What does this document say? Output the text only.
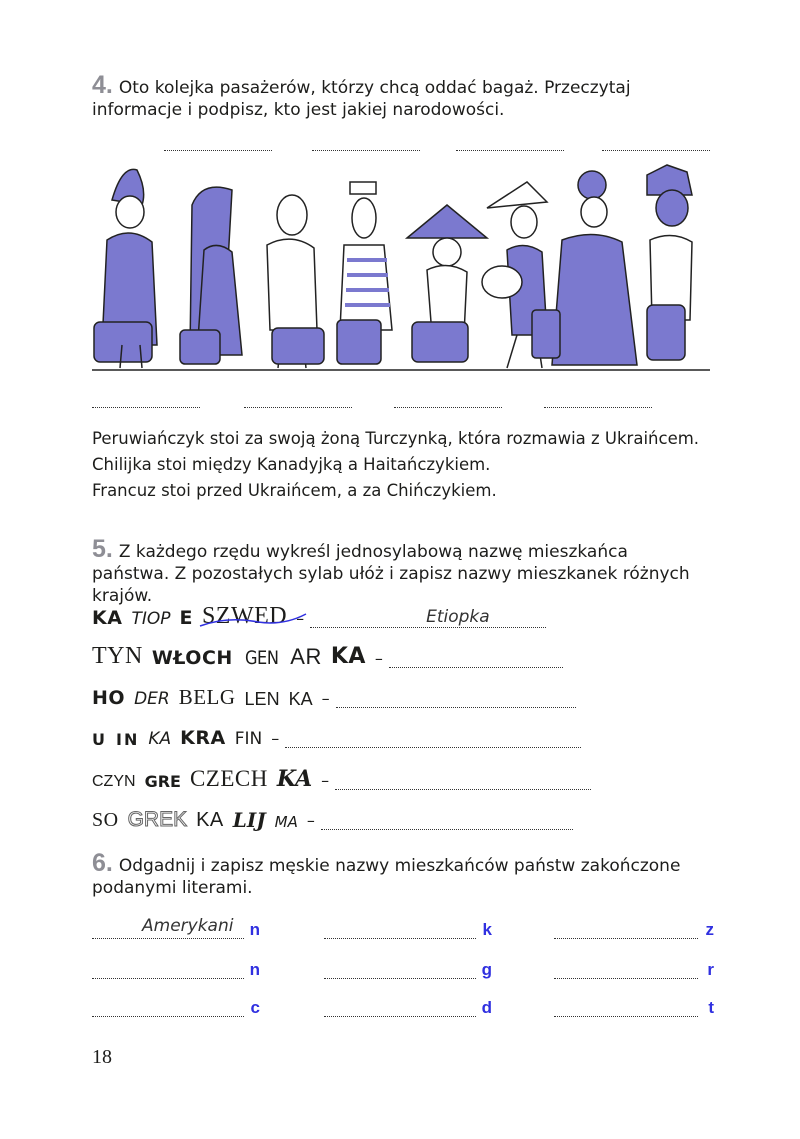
4. Oto kolejka pasażerów, którzy chcą oddać bagaż. Przeczytaj informacje i podpisz, kto jest jakiej narodowości.
Peruwiańczyk stoi za swoją żoną Turczynką, która rozmawia z Ukraińcem.
Chilijka stoi między Kanadyjką a Haitańczykiem.
Francuz stoi przed Ukraińcem, a za Chińczykiem.
5. Z każdego rzędu wykreśl jednosylabową nazwę mieszkańca państwa. Z pozostałych sylab ułóż i zapisz nazwy mieszkanek różnych krajów.
KA TIOP E SZWED –	Etiopka
TYN WŁOCH GEN AR KA –
HO DER BELG LEN KA –
U IN KA KRA FIN –
CZYN GRE CZECH KA –
SO GREK KA LIJ MA –
6. Odgadnij i zapisz męskie nazwy mieszkańców państw zakończone podanymi literami.
Amerykani n	k	z
n	g	r
c	d	t
18
